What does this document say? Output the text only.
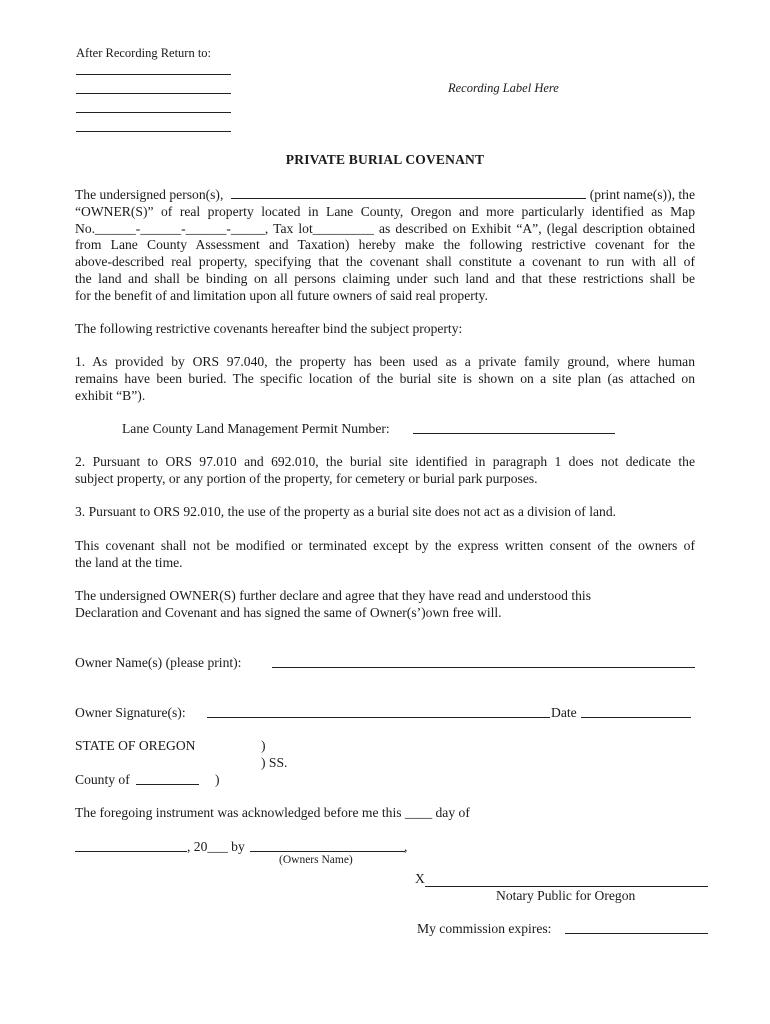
After Recording Return to:
Recording Label Here
PRIVATE BURIAL COVENANT
The undersigned person(s),	(print name(s)), the
“OWNER(S)” of real property located in Lane County, Oregon and more particularly identified as Map
No.______-______-______-_____, Tax lot_________ as described on Exhibit “A”, (legal description obtained
from Lane County Assessment and Taxation) hereby make the following restrictive covenant for the
above-described real property, specifying that the covenant shall constitute a covenant to run with all of
the land and shall be binding on all persons claiming under such land and that these restrictions shall be
for the benefit of and limitation upon all future owners of said real property.
The following restrictive covenants hereafter bind the subject property:
1. As provided by ORS 97.040, the property has been used as a private family ground, where human
remains have been buried. The specific location of the burial site is shown on a site plan (as attached on
exhibit “B”).
Lane County Land Management Permit Number:
2. Pursuant to ORS 97.010 and 692.010, the burial site identified in paragraph 1 does not dedicate the
subject property, or any portion of the property, for cemetery or burial park purposes.
3. Pursuant to ORS 92.010, the use of the property as a burial site does not act as a division of land.
This covenant shall not be modified or terminated except by the express written consent of the owners of
the land at the time.
The undersigned OWNER(S) further declare and agree that they have read and understood this
Declaration and Covenant and has signed the same of Owner(s’)own free will.
Owner Name(s) (please print):
Owner Signature(s):	Date
STATE OF OREGON	)
) SS.
County of	)
The foregoing instrument was acknowledged before me this ____ day of
, 20___ by	,
(Owners Name)
X
Notary Public for Oregon
My commission expires:
